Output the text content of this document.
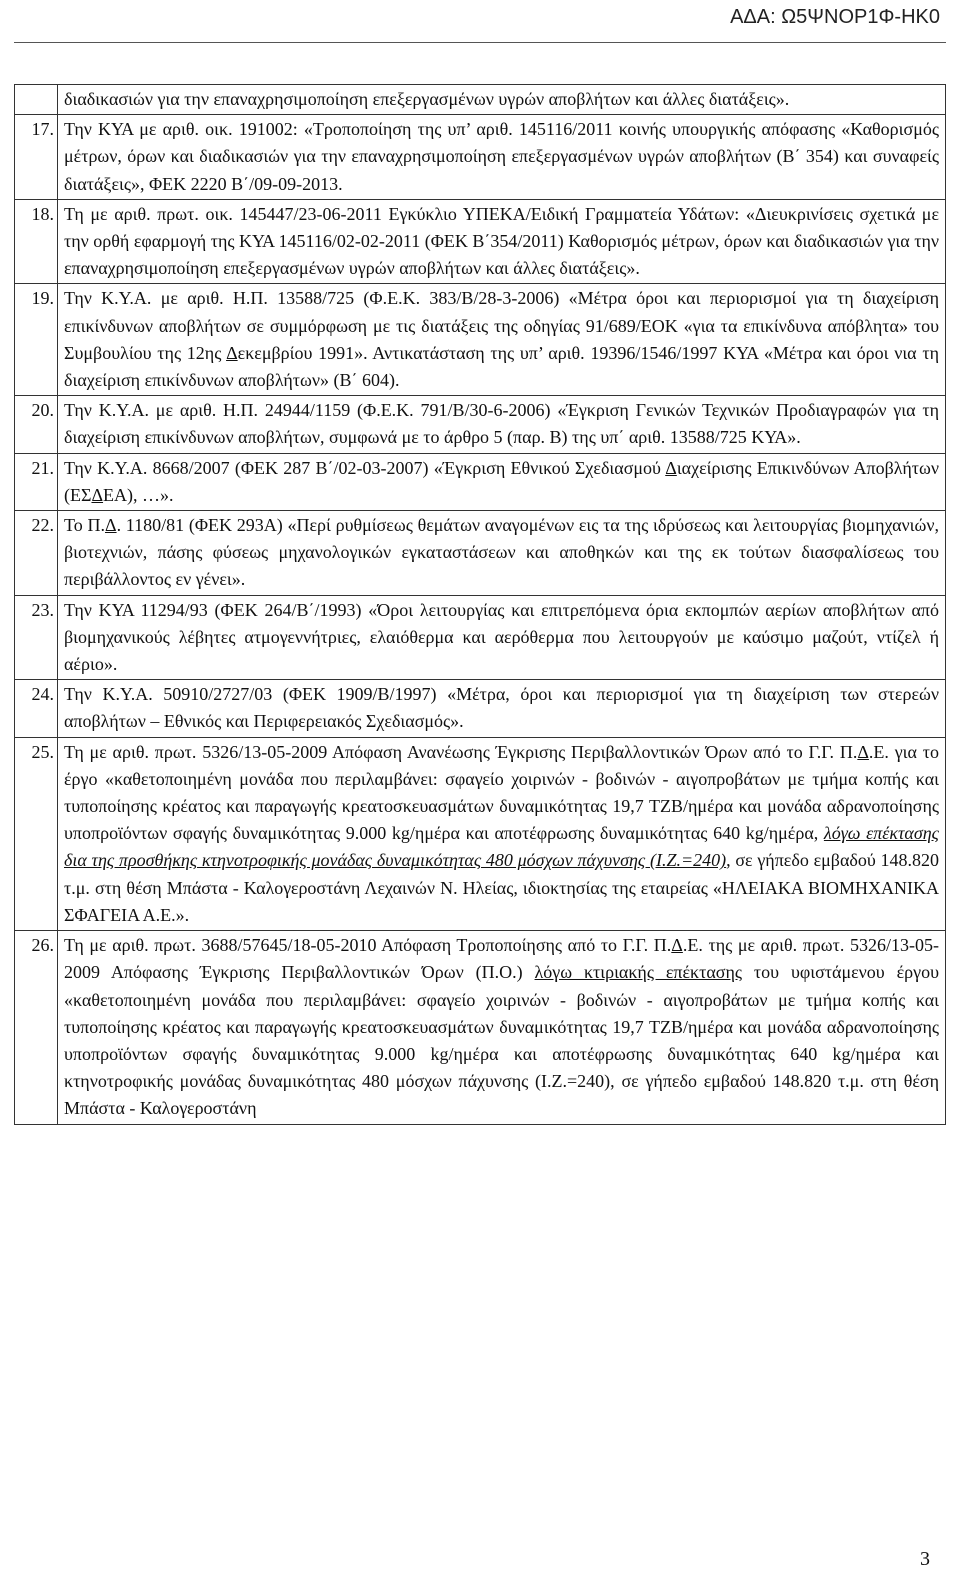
ΑΔΑ: Ω5ΨΝΟΡ1Φ-ΗΚ0
	διαδικασιών για την επαναχρησιμοποίηση επεξεργασμένων υγρών αποβλήτων και άλλες διατάξεις».
17.	Την ΚΥΑ με αριθ. οικ. 191002: «Τροποποίηση της υπ’ αριθ. 145116/2011 κοινής υπουργικής απόφασης «Καθορισμός μέτρων, όρων και διαδικασιών για την επαναχρησιμοποίηση επεξεργασμένων υγρών αποβλήτων (Β΄ 354) και συναφείς διατάξεις», ΦΕΚ 2220 Β΄/09-09-2013.
18.	Τη με αριθ. πρωτ. οικ. 145447/23-06-2011 Εγκύκλιο ΥΠΕΚΑ/Ειδική Γραμματεία Υδάτων: «Διευκρινίσεις σχετικά με την ορθή εφαρμογή της ΚΥΑ 145116/02-02-2011 (ΦΕΚ Β΄354/2011) Καθορισμός μέτρων, όρων και διαδικασιών για την επαναχρησιμοποίηση επεξεργασμένων υγρών αποβλήτων και άλλες διατάξεις».
19.	Την Κ.Υ.Α. με αριθ. Η.Π. 13588/725 (Φ.Ε.Κ. 383/Β/28-3-2006) «Μέτρα όροι και περιορισμοί για τη διαχείριση επικίνδυνων αποβλήτων σε συμμόρφωση με τις διατάξεις της οδηγίας 91/689/ΕΟΚ «για τα επικίνδυνα απόβλητα» του Συμβουλίου της 12ης Δεκεμβρίου 1991». Αντικατάσταση της υπ’ αριθ. 19396/1546/1997 ΚΥΑ «Μέτρα και όροι νια τη διαχείριση επικίνδυνων αποβλήτων» (Β΄ 604).
20.	Την Κ.Υ.Α. με αριθ. Η.Π. 24944/1159 (Φ.Ε.Κ. 791/Β/30-6-2006) «Έγκριση Γενικών Τεχνικών Προδιαγραφών για τη διαχείριση επικίνδυνων αποβλήτων, συμφωνά με το άρθρο 5 (παρ. Β) της υπ΄ αριθ. 13588/725 ΚΥΑ».
21.	Την Κ.Υ.Α. 8668/2007 (ΦΕΚ 287 Β΄/02-03-2007) «Έγκριση Εθνικού Σχεδιασμού Διαχείρισης Επικινδύνων Αποβλήτων (ΕΣΔΕΑ), …».
22.	Το Π.Δ. 1180/81 (ΦΕΚ 293Α) «Περί ρυθμίσεως θεμάτων αναγομένων εις τα της ιδρύσεως και λειτουργίας βιομηχανιών, βιοτεχνιών, πάσης φύσεως μηχανολογικών εγκαταστάσεων και αποθηκών και της εκ τούτων διασφαλίσεως του περιβάλλοντος εν γένει».
23.	Την ΚΥΑ 11294/93 (ΦΕΚ 264/Β΄/1993) «Όροι λειτουργίας και επιτρεπόμενα όρια εκπομπών αερίων αποβλήτων από βιομηχανικούς λέβητες ατμογεννήτριες, ελαιόθερμα και αερόθερμα που λειτουργούν με καύσιμο μαζούτ, ντίζελ ή αέριο».
24.	Την Κ.Υ.Α. 50910/2727/03 (ΦΕΚ 1909/Β/1997) «Μέτρα, όροι και περιορισμοί για τη διαχείριση των στερεών αποβλήτων – Εθνικός και Περιφερειακός Σχεδιασμός».
25.	Τη με αριθ. πρωτ. 5326/13-05-2009 Απόφαση Ανανέωσης Έγκρισης Περιβαλλοντικών Όρων από το Γ.Γ. Π.Δ.Ε. για το έργο «καθετοποιημένη μονάδα που περιλαμβάνει: σφαγείο χοιρινών - βοδινών - αιγοπροβάτων με τμήμα κοπής και τυποποίησης κρέατος και παραγωγής κρεατοσκευασμάτων δυναμικότητας 19,7 ΤΖΒ/ημέρα και μονάδα αδρανοποίησης υποπροϊόντων σφαγής δυναμικότητας 9.000 kg/ημέρα και αποτέφρωσης δυναμικότητας 640 kg/ημέρα, λόγω επέκτασης δια της προσθήκης κτηνοτροφικής μονάδας δυναμικότητας 480 μόσχων πάχυνσης (Ι.Ζ.=240), σε γήπεδο εμβαδού 148.820 τ.μ. στη θέση Μπάστα - Καλογεροστάνη Λεχαινών Ν. Ηλείας, ιδιοκτησίας της εταιρείας «ΗΛΕΙΑΚΑ ΒΙΟΜΗΧΑΝΙΚΑ ΣΦΑΓΕΙΑ Α.Ε.».
26.	Τη με αριθ. πρωτ. 3688/57645/18-05-2010 Απόφαση Τροποποίησης από το Γ.Γ. Π.Δ.Ε. της με αριθ. πρωτ. 5326/13-05-2009 Απόφασης Έγκρισης Περιβαλλοντικών Όρων (Π.Ο.) λόγω κτιριακής επέκτασης του υφιστάμενου έργου «καθετοποιημένη μονάδα που περιλαμβάνει: σφαγείο χοιρινών - βοδινών - αιγοπροβάτων με τμήμα κοπής και τυποποίησης κρέατος και παραγωγής κρεατοσκευασμάτων δυναμικότητας 19,7 ΤΖΒ/ημέρα και μονάδα αδρανοποίησης υποπροϊόντων σφαγής δυναμικότητας 9.000 kg/ημέρα και αποτέφρωσης δυναμικότητας 640 kg/ημέρα και κτηνοτροφικής μονάδας δυναμικότητας 480 μόσχων πάχυνσης (Ι.Ζ.=240), σε γήπεδο εμβαδού 148.820 τ.μ. στη θέση Μπάστα - Καλογεροστάνη
3
